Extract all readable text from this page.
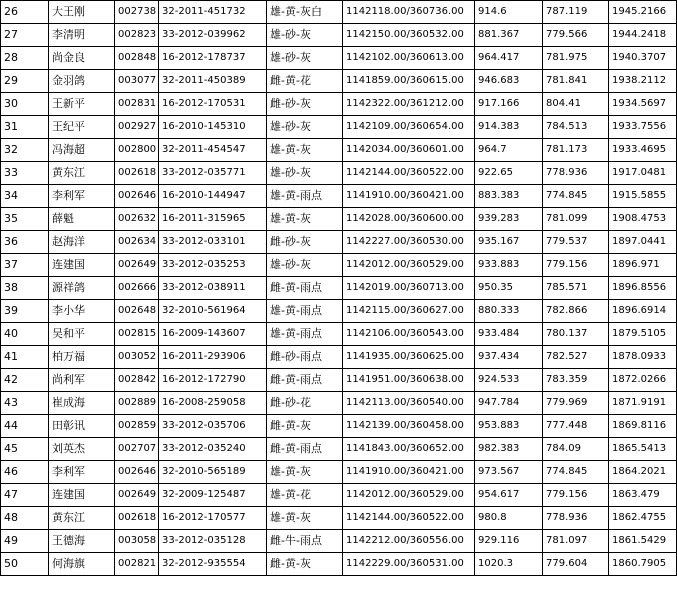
26	大王刚	002738	32-2011-451732	雄-黄-灰白	1142118.00/360736.00	914.6	787.119	1945.2166
27	李清明	002823	33-2012-039962	雄-砂-灰	1142150.00/360532.00	881.367	779.566	1944.2418
28	尚金良	002848	16-2012-178737	雄-砂-灰	1142102.00/360613.00	964.417	781.975	1940.3707
29	金羽鸽	003077	32-2011-450389	雌-黄-花	1141859.00/360615.00	946.683	781.841	1938.2112
30	王新平	002831	16-2012-170531	雌-砂-灰	1142322.00/361212.00	917.166	804.41	1934.5697
31	王纪平	002927	16-2010-145310	雄-砂-灰	1142109.00/360654.00	914.383	784.513	1933.7556
32	冯海超	002800	32-2011-454547	雄-黄-灰	1142034.00/360601.00	964.7	781.173	1933.4695
33	黄东江	002618	33-2012-035771	雄-砂-灰	1142144.00/360522.00	922.65	778.936	1917.0481
34	李利军	002646	16-2010-144947	雄-黄-雨点	1141910.00/360421.00	883.383	774.845	1915.5855
35	薛魁	002632	16-2011-315965	雄-黄-灰	1142028.00/360600.00	939.283	781.099	1908.4753
36	赵海洋	002634	33-2012-033101	雌-砂-灰	1142227.00/360530.00	935.167	779.537	1897.0441
37	连建国	002649	33-2012-035253	雄-砂-灰	1142012.00/360529.00	933.883	779.156	1896.971
38	源祥鸽	002666	33-2012-038911	雌-黄-雨点	1142019.00/360713.00	950.35	785.571	1896.8556
39	李小华	002648	32-2010-561964	雄-黄-雨点	1142115.00/360627.00	880.333	782.866	1896.6914
40	吴和平	002815	16-2009-143607	雄-黄-雨点	1142106.00/360543.00	933.484	780.137	1879.5105
41	柏万福	003052	16-2011-293906	雌-砂-雨点	1141935.00/360625.00	937.434	782.527	1878.0933
42	尚利军	002842	16-2012-172790	雌-黄-雨点	1141951.00/360638.00	924.533	783.359	1872.0266
43	崔成海	002889	16-2008-259058	雌-砂-花	1142113.00/360540.00	947.784	779.969	1871.9191
44	田彰讯	002859	33-2012-035706	雌-黄-灰	1142139.00/360458.00	953.883	777.448	1869.8116
45	刘英杰	002707	33-2012-035240	雌-黄-雨点	1141843.00/360652.00	982.383	784.09	1865.5413
46	李利军	002646	32-2010-565189	雄-黄-灰	1141910.00/360421.00	973.567	774.845	1864.2021
47	连建国	002649	32-2009-125487	雄-黄-花	1142012.00/360529.00	954.617	779.156	1863.479
48	黄东江	002618	16-2012-170577	雄-黄-灰	1142144.00/360522.00	980.8	778.936	1862.4755
49	王德海	003058	33-2012-035128	雌-牛-雨点	1142212.00/360556.00	929.116	781.097	1861.5429
50	何海旗	002821	32-2012-935554	雌-黄-灰	1142229.00/360531.00	1020.3	779.604	1860.7905
